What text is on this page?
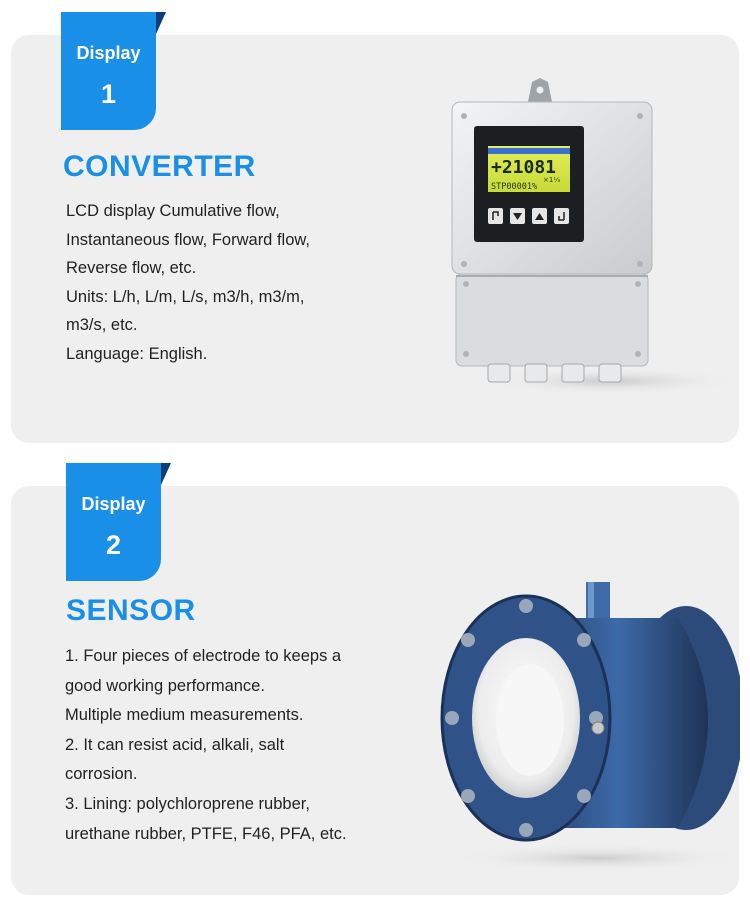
Display
1
Display
2
CONVERTER
SENSOR
LCD display Cumulative flow,
Instantaneous flow, Forward flow,
Reverse flow, etc.
Units: L/h, L/m, L/s, m3/h, m3/m,
m3/s, etc.
Language: English.
1. Four pieces of electrode to keeps a
good working performance.
Multiple medium measurements.
2. It can resist acid, alkali, salt
corrosion.
3. Lining: polychloroprene rubber,
urethane rubber, PTFE, F46, PFA, etc.
+21081
×1⅓
STP00001%
